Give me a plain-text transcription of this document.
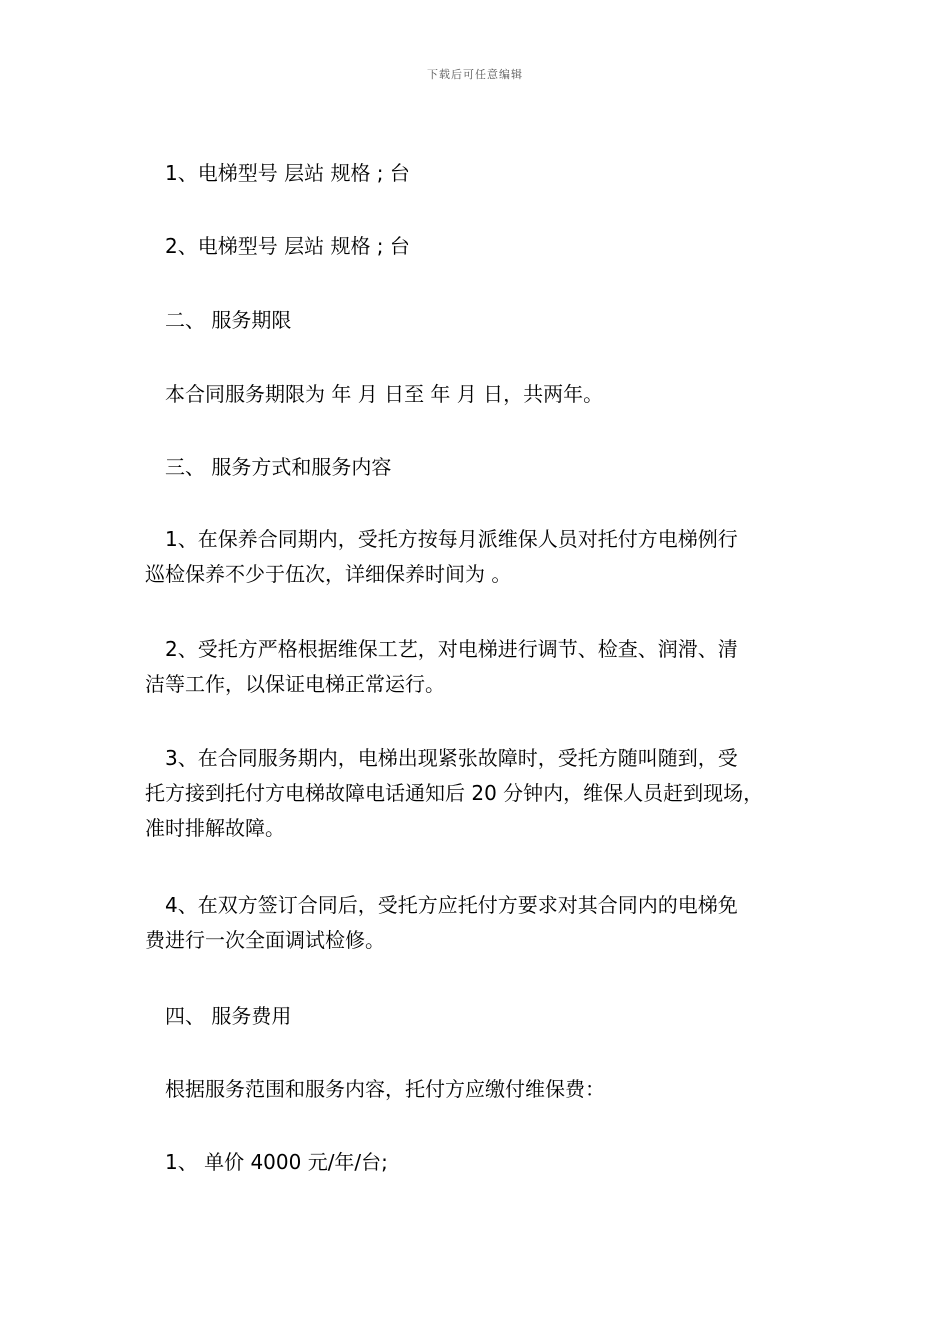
下载后可任意编辑
1、电梯型号 层站 规格 ; 台
2、电梯型号 层站 规格 ; 台
二、 服务期限
本合同服务期限为 年 月 日至 年 月 日，共两年。
三、 服务方式和服务内容
1、在保养合同期内，受托方按每月派维保人员对托付方电梯例行
巡检保养不少于伍次，详细保养时间为 。
2、受托方严格根据维保工艺，对电梯进行调节、检查、润滑、清
洁等工作，以保证电梯正常运行。
3、在合同服务期内，电梯出现紧张故障时，受托方随叫随到，受
托方接到托付方电梯故障电话通知后 20 分钟内，维保人员赶到现场，
准时排解故障。
4、在双方签订合同后，受托方应托付方要求对其合同内的电梯免
费进行一次全面调试检修。
四、 服务费用
根据服务范围和服务内容，托付方应缴付维保费：
1、 单价 4000 元/年/台;
